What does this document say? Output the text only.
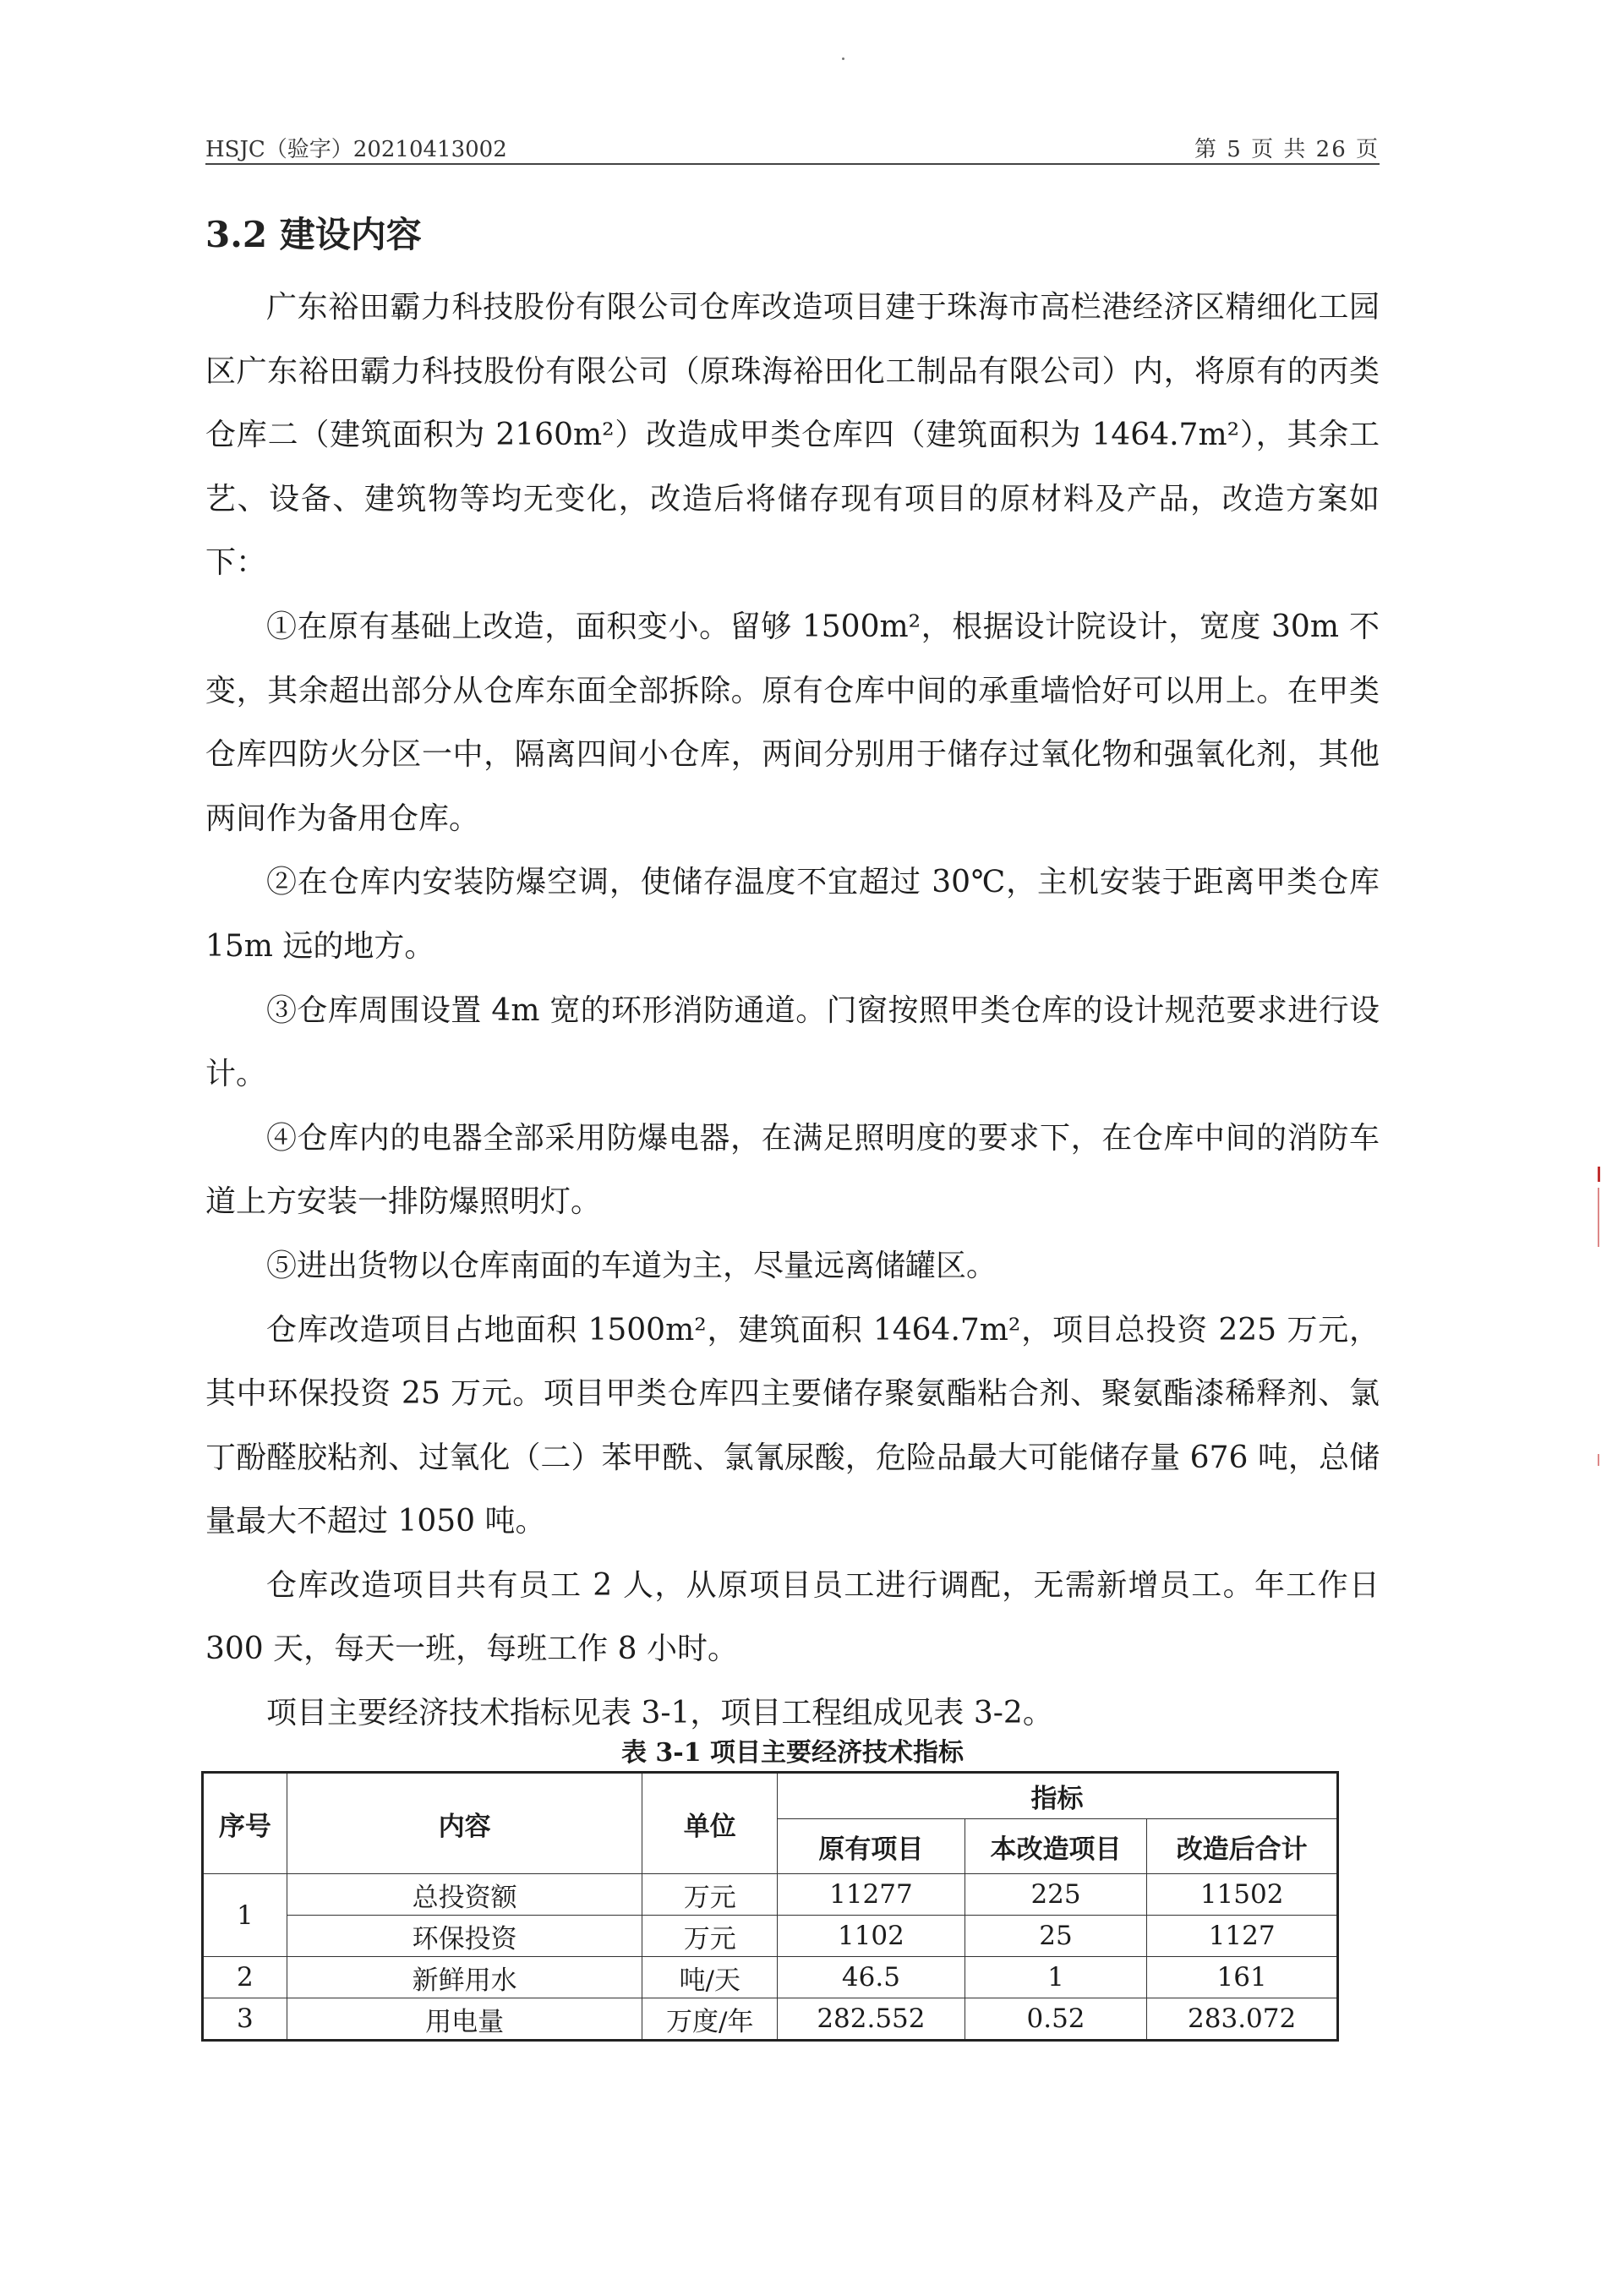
HSJC（验字）20210413002	第 5 页 共 26 页
3.2 建设内容

广东裕田霸力科技股份有限公司仓库改造项目建于珠海市高栏港经济区精细化工园区广东裕田霸力科技股份有限公司（原珠海裕田化工制品有限公司）内，将原有的丙类仓库二（建筑面积为 2160m²）改造成甲类仓库四（建筑面积为 1464.7m²），其余工艺、设备、建筑物等均无变化，改造后将储存现有项目的原材料及产品，改造方案如下：

①在原有基础上改造，面积变小。留够 1500m²，根据设计院设计，宽度 30m 不变，其余超出部分从仓库东面全部拆除。原有仓库中间的承重墙恰好可以用上。在甲类仓库四防火分区一中，隔离四间小仓库，两间分别用于储存过氧化物和强氧化剂，其他两间作为备用仓库。

②在仓库内安装防爆空调，使储存温度不宜超过 30℃，主机安装于距离甲类仓库 15m 远的地方。

③仓库周围设置 4m 宽的环形消防通道。门窗按照甲类仓库的设计规范要求进行设计。

④仓库内的电器全部采用防爆电器，在满足照明度的要求下，在仓库中间的消防车道上方安装一排防爆照明灯。

⑤进出货物以仓库南面的车道为主，尽量远离储罐区。

仓库改造项目占地面积 1500m²，建筑面积 1464.7m²，项目总投资 225 万元，其中环保投资 25 万元。项目甲类仓库四主要储存聚氨酯粘合剂、聚氨酯漆稀释剂、氯丁酚醛胶粘剂、过氧化（二）苯甲酰、氯氰尿酸，危险品最大可能储存量 676 吨，总储量最大不超过 1050 吨。

仓库改造项目共有员工 2 人，从原项目员工进行调配，无需新增员工。年工作日 300 天，每天一班，每班工作 8 小时。

项目主要经济技术指标见表 3-1，项目工程组成见表 3-2。

表 3-1 项目主要经济技术指标
序号	内容	单位	指标		
			原有项目	本改造项目	改造后合计
1	总投资额	万元	11277	225	11502
	环保投资	万元	1102	25	1127
2	新鲜用水	吨/天	46.5	1	161
3	用电量	万度/年	282.552	0.52	283.072
